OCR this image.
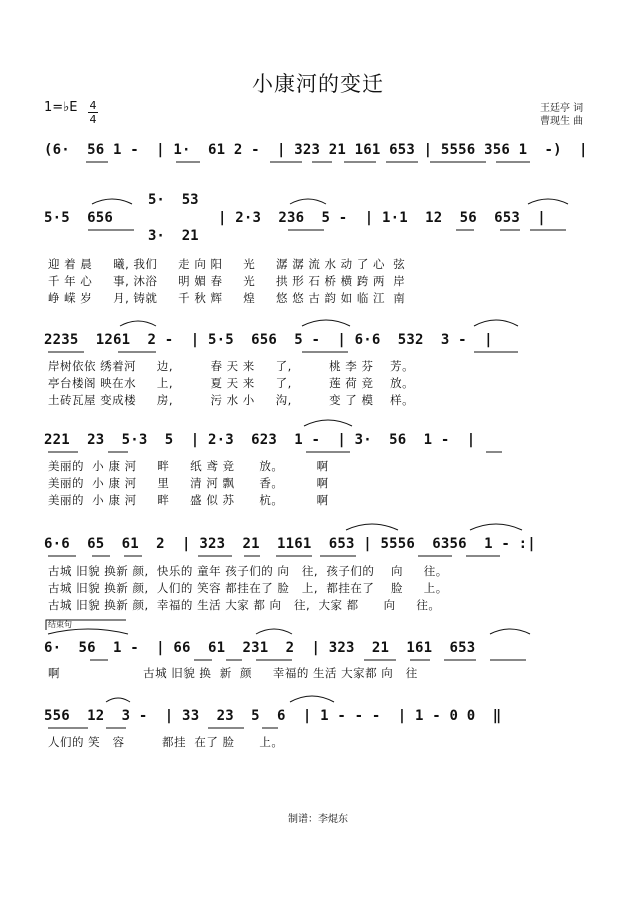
小康河的变迁
1=♭E 4
4
王廷亭 词
曹现生 曲
(6·  56 1 -  | 1·  61 2 -  | 323 21 161 653 | 5556 356 1  -)  |
5·5  656
5·  53
3·  21
| 2·3  236  5 -  | 1·1  12  56  653  |
迎 着 晨     曦, 我们     走 向 阳     光     潺 潺 流 水 动 了 心  弦
千 年 心     事, 沐浴     明 媚 春     光     拱 形 石 桥 横 跨 两  岸
峥 嵘 岁     月, 铸就     千 秋 辉     煌     悠 悠 古 韵 如 临 江  南
2235  1261  2 -  | 5·5  656  5 -  | 6·6  532  3 -  |
岸树依依 绣着河     边,         春 天 来     了,         桃 李 芬    芳。
亭台楼阁 映在水     上,         夏 天 来     了,         莲 荷 竞    放。
土砖瓦屋 变成楼     房,         污 水 小     沟,         变 了 模    样。
221  23  5·3  5  | 2·3  623  1 -  | 3·  56  1 -  |
美丽的  小 康 河     畔     纸 鸢 竞      放。        啊
美丽的  小 康 河     里     清 河 飘      香。        啊
美丽的  小 康 河     畔     盛 似 苏      杭。        啊
6·6  65  61  2  | 323  21  1161  653 | 5556  6356  1 - :|
古城 旧貌 换新 颜,  快乐的 童年 孩子们的 向   往,  孩子们的    向     往。
古城 旧貌 换新 颜,  人们的 笑容 都挂在了 脸   上,  都挂在了    脸     上。
古城 旧貌 换新 颜,  幸福的 生活 大家 都 向   往,  大家 都      向     往。
结束句
6·  56  1 -  | 66  61  231  2  | 323  21  161  653
啊                    古城 旧貌 换  新  颜     幸福的 生活 大家都 向   往
556  12  3 -  | 33  23  5  6  | 1 - - -  | 1 - 0 0  ‖
人们的 笑   容         都挂  在了 脸      上。
制谱：李焜东
